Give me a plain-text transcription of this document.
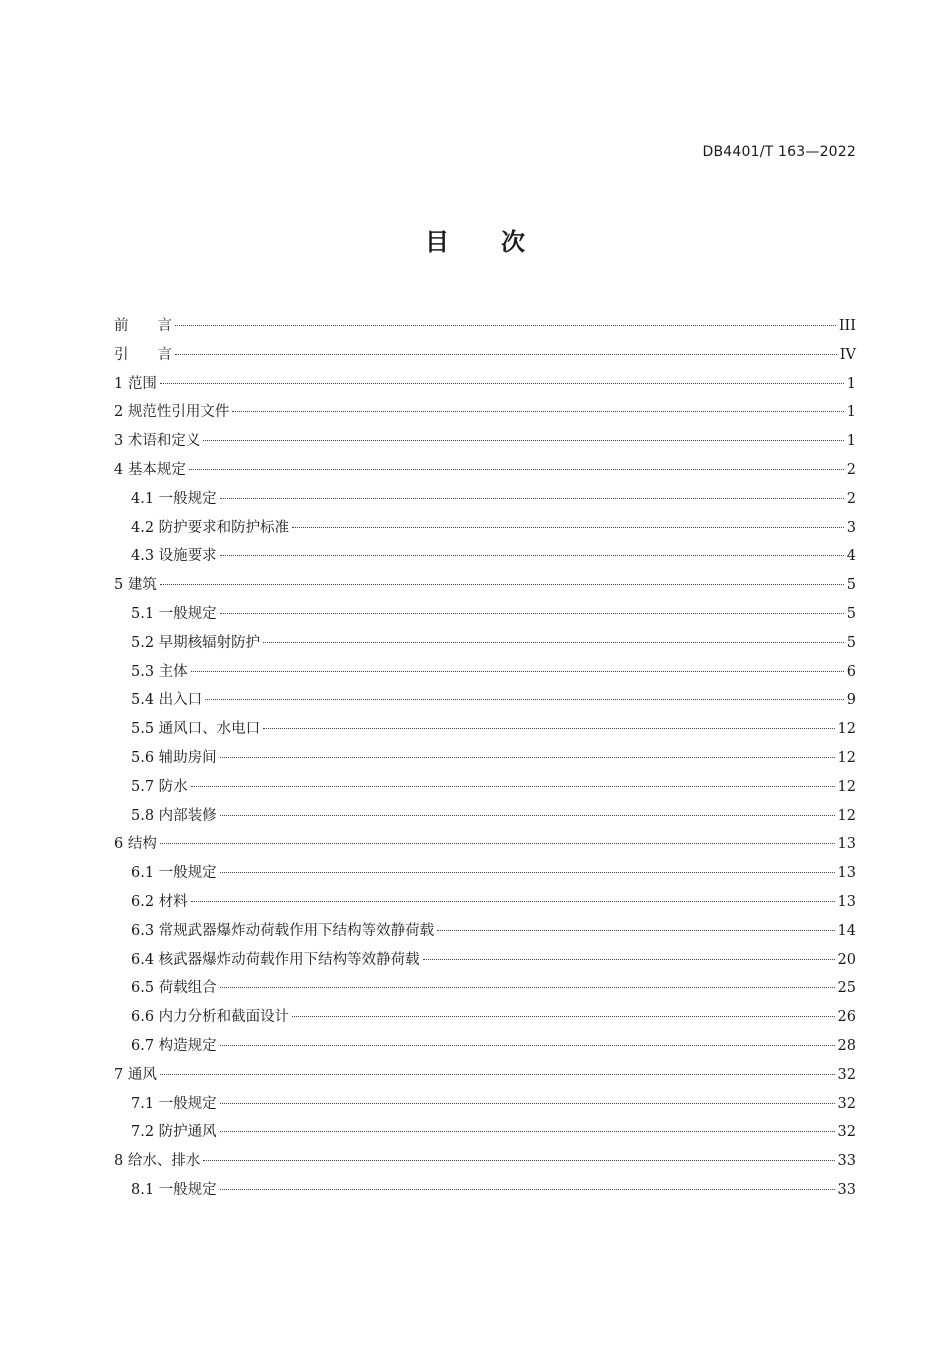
DB4401/T 163—2022
目次
前　　言	III
引　　言	IV
1 范围	1
2 规范性引用文件	1
3 术语和定义	1
4 基本规定	2
4.1 一般规定	2
4.2 防护要求和防护标准	3
4.3 设施要求	4
5 建筑	5
5.1 一般规定	5
5.2 早期核辐射防护	5
5.3 主体	6
5.4 出入口	9
5.5 通风口、水电口	12
5.6 辅助房间	12
5.7 防水	12
5.8 内部装修	12
6 结构	13
6.1 一般规定	13
6.2 材料	13
6.3 常规武器爆炸动荷载作用下结构等效静荷载	14
6.4 核武器爆炸动荷载作用下结构等效静荷载	20
6.5 荷载组合	25
6.6 内力分析和截面设计	26
6.7 构造规定	28
7 通风	32
7.1 一般规定	32
7.2 防护通风	32
8 给水、排水	33
8.1 一般规定	33
